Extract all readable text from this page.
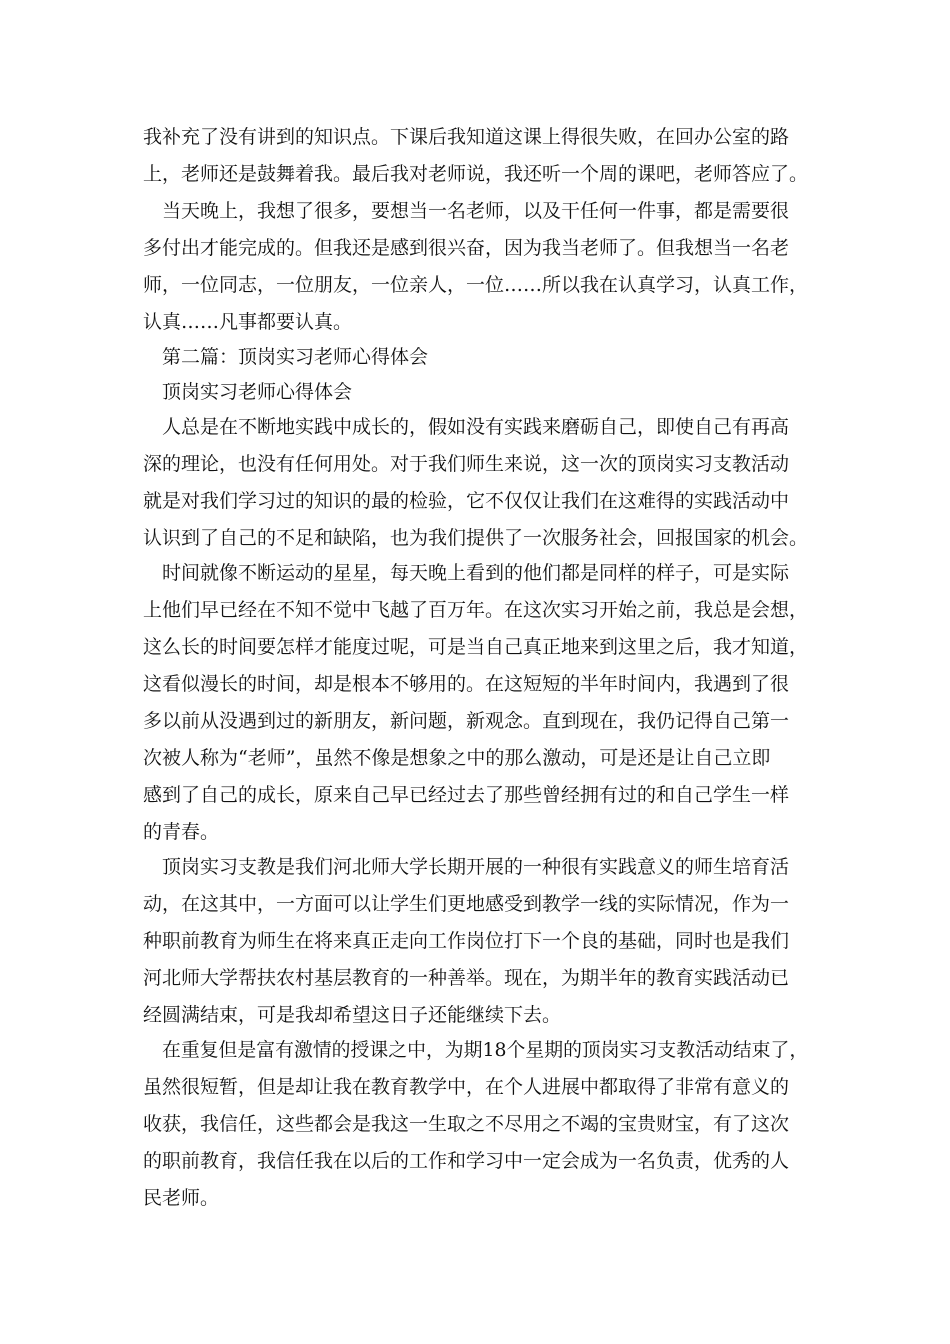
我补充了没有讲到的知识点。下课后我知道这课上得很失败，在回办公室的路

上，老师还是鼓舞着我。最后我对老师说，我还听一个周的课吧，老师答应了。

当天晚上，我想了很多，要想当一名老师，以及干任何一件事，都是需要很

多付出才能完成的。但我还是感到很兴奋，因为我当老师了。但我想当一名老

师，一位同志，一位朋友，一位亲人，一位……所以我在认真学习，认真工作，

认真……凡事都要认真。

第二篇：顶岗实习老师心得体会

顶岗实习老师心得体会

人总是在不断地实践中成长的，假如没有实践来磨砺自己，即使自己有再高

深的理论，也没有任何用处。对于我们师生来说，这一次的顶岗实习支教活动

就是对我们学习过的知识的最的检验，它不仅仅让我们在这难得的实践活动中

认识到了自己的不足和缺陷，也为我们提供了一次服务社会，回报国家的机会。

时间就像不断运动的星星，每天晚上看到的他们都是同样的样子，可是实际

上他们早已经在不知不觉中飞越了百万年。在这次实习开始之前，我总是会想，

这么长的时间要怎样才能度过呢，可是当自己真正地来到这里之后，我才知道，

这看似漫长的时间，却是根本不够用的。在这短短的半年时间内，我遇到了很

多以前从没遇到过的新朋友，新问题，新观念。直到现在，我仍记得自己第一

次被人称为“老师”，虽然不像是想象之中的那么激动，可是还是让自己立即

感到了自己的成长，原来自己早已经过去了那些曾经拥有过的和自己学生一样

的青春。

顶岗实习支教是我们河北师大学长期开展的一种很有实践意义的师生培育活

动，在这其中，一方面可以让学生们更地感受到教学一线的实际情况，作为一

种职前教育为师生在将来真正走向工作岗位打下一个良的基础，同时也是我们

河北师大学帮扶农村基层教育的一种善举。现在，为期半年的教育实践活动已

经圆满结束，可是我却希望这日子还能继续下去。

在重复但是富有激情的授课之中，为期18个星期的顶岗实习支教活动结束了，

虽然很短暂，但是却让我在教育教学中，在个人进展中都取得了非常有意义的

收获，我信任，这些都会是我这一生取之不尽用之不竭的宝贵财宝，有了这次

的职前教育，我信任我在以后的工作和学习中一定会成为一名负责，优秀的人

民老师。
